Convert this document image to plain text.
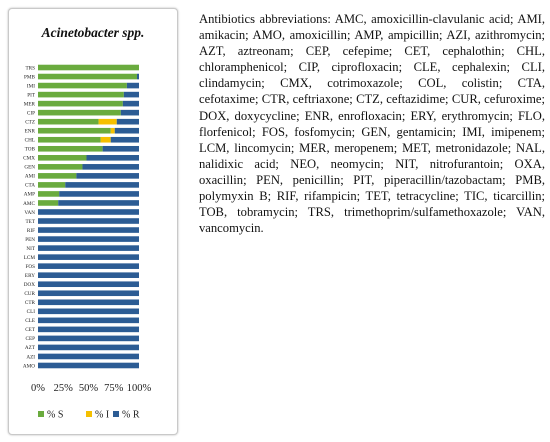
Acinetobacter spp.
TRS
PMB
IMI
PIT
MER
CIP
CTZ
ENR
CHL
TOB
CMX
GEN
AMI
CTA
AMP
AMC
VAN
TET
RIF
PEN
NIT
LCM
FOS
ERY
DOX
CUR
CTR
CLI
CLE
CET
CEP
AZT
AZI
AMO
0% 25% 50% 75% 100%
% S	% I % R
Antibiotics abbreviations: AMC, amoxicillin-clavulanic acid; AMI, amikacin; AMO, amoxicillin; AMP, ampicillin; AZI, azithromycin; AZT, aztreonam; CEP, cefepime; CET, cephalothin; CHL, chloramphenicol; CIP, ciprofloxacin; CLE, cephalexin; CLI, clindamycin; CMX, cotrimoxazole; COL, colistin; CTA, cefotaxime; CTR, ceftriaxone; CTZ, ceftazidime; CUR, cefuroxime; DOX, doxycycline; ENR, enrofloxacin; ERY, erythromycin; FLO, florfenicol; FOS, fosfomycin; GEN, gentamicin; IMI, imipenem; LCM, lincomycin; MER, meropenem; MET, metronidazole; NAL, nalidixic acid; NEO, neomycin; NIT, nitrofurantoin; OXA, oxacillin; PEN, penicillin; PIT, piperacillin/tazobactam; PMB, polymyxin B; RIF, rifampicin; TET, tetracycline; TIC, ticarcillin; TOB, tobramycin; TRS, trimethoprim/sulfamethoxazole; VAN, vancomycin.
